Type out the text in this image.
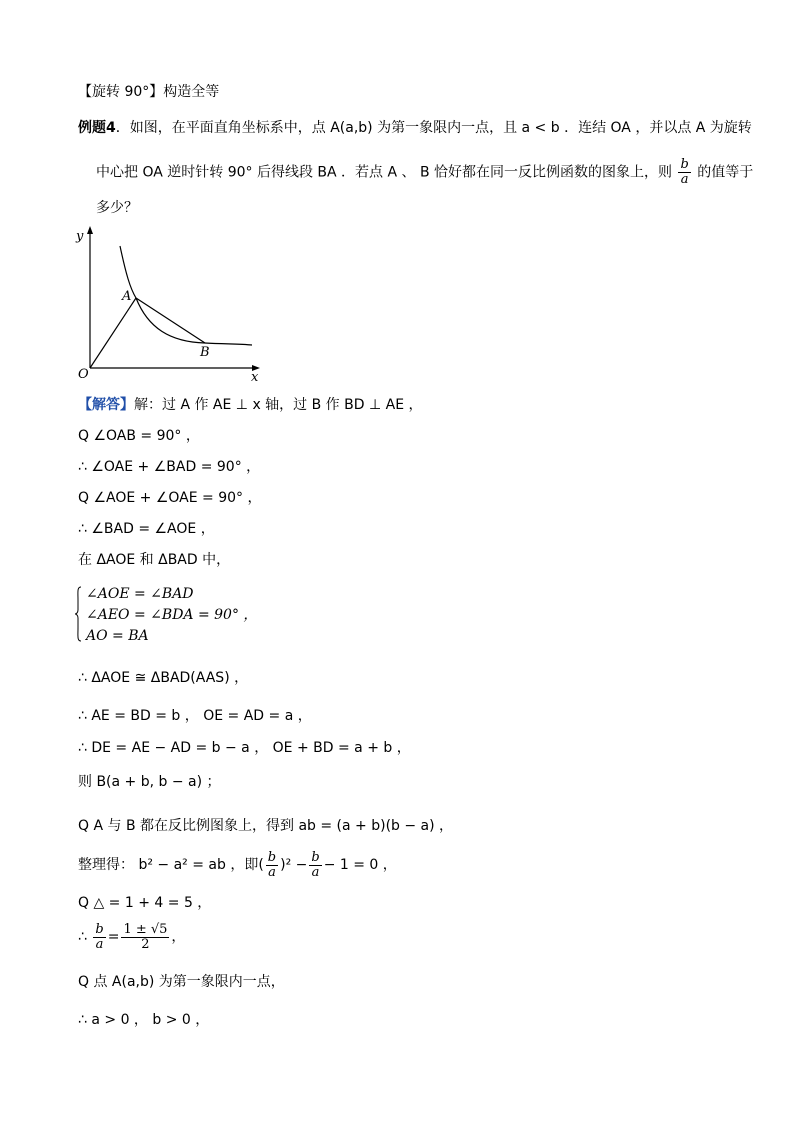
【旋转 90°】构造全等
例题4．如图，在平面直角坐标系中，点 A(a,b) 为第一象限内一点，且 a < b ．连结 OA ，并以点 A 为旋转
中心把 OA 逆时针转 90° 后得线段 BA ．若点 A 、 B 恰好都在同一反比例函数的图象上，则 $\frac{b}{a}$ 的值等于
多少？
y
x
O
A
B
【解答】解：过 A 作 AE ⊥ x 轴，过 B 作 BD ⊥ AE ，
Q ∠OAB = 90° ，
∴ ∠OAE + ∠BAD = 90° ，
Q ∠AOE + ∠OAE = 90° ，
∴ ∠BAD = ∠AOE ，
在 ΔAOE 和 ΔBAD 中，
∠AOE = ∠BAD
∠AEO = ∠BDA = 90° ，
AO = BA
∴ ΔAOE ≅ ΔBAD(AAS) ，
∴ AE = BD = b ， OE = AD = a ，
∴ DE = AE − AD = b − a ， OE + BD = a + b ，
则 B(a + b, b − a) ；
Q A 与 B 都在反比例图象上，得到 ab = (a + b)(b − a) ，
整理得： b² − a² = ab ，即( $\frac{b}{a} )^2 - \frac{b}{a} - 1 = 0$ ，
Q △ = 1 + 4 = 5 ，
∴ $\frac{b}{a} = \frac{1 \pm √5}{2}$ ，
Q 点 A(a,b) 为第一象限内一点，
∴ a > 0 ， b > 0 ，
